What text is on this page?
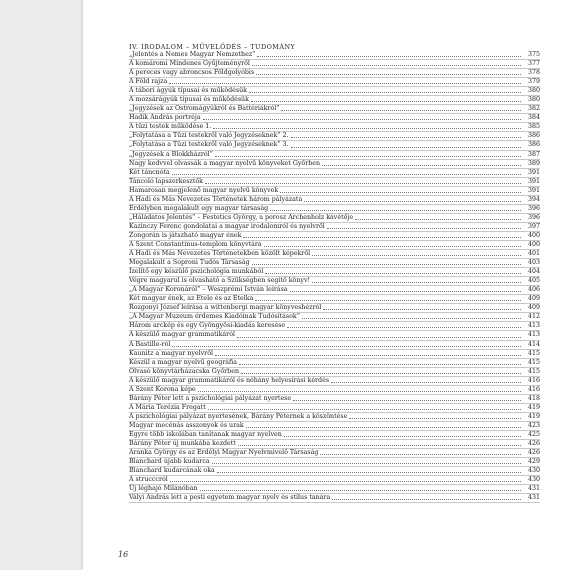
IV. IRODALOM – MŰVELŐDÉS – TUDOMÁNY
„Jelentés a Nemes Magyar Nemzethez”	375
A komáromi Mindenes Gyűjteményről	377
A pereces vagy abroncsos Földgolyóbis	378
A Föld rajza	379
A tábori ágyúk típusai és működésük	380
A mozsárágyúk típusai és működésük	380
„Jegyzések az Ostromágyúkról és Battériákról”	382
Hadik András portréja	384
A tüzi testek működése 1.	385
„Folytatása a Tüzi testekről való Jegyzéseknek” 2.	386
„Folytatása a Tüzi testekről való Jegyzéseknek” 3.	386
„Jegyzések a Blokkházról”	387
Nagy kedvvel olvassák a magyar nyelvű könyveket Győrben	389
Két táncnóta	391
Táncoló lapszerkesztők	391
Hamarosan megjelenő magyar nyelvű könyvek	391
A Hadi és Más Nevezetes Történetek három pályázata	394
Erdélyben megalakult egy magyar társaság	396
„Háládatos Jelentés” – Festetics György, a porosz Archenholz kávétője	396
Kazinczy Ferenc gondolatai a magyar irodalomról és nyelvről	397
Zongorán is játszható magyar ének	400
A Szent Constantinus-templom könyvtára	400
A Hadi és Más Nevezetes Történetekben közölt képekről	401
Megalakult a Soproni Tudós Társaság	403
Ízelítő egy készülő pszichológia munkából	404
Végre magyarul is olvasható a Szükségben segítő könyv!	405
„A Magyar Koronáról” – Weszprémi István leírása	406
Két magyar ének, az Etele és az Etelka	409
Rozgonyi József leírása a wittenbergi magyar könyveshézról	409
„A Magyar Muzeum érdemes Kiadóinak Tudósítások”	412
Három arckép és egy Gyöngyösi-kiadás keresése	413
A készülő magyar grammatikáról	413
A Bastille-ról	414
Kaunitz a magyar nyelvről	415
Készül a magyar nyelvű geográfia	415
Olvasó könyvtárházacska Győrben	415
A készülő magyar grammatikáról és néhány helyesírási kérdés	416
A Szent Korona képe	416
Bárány Péter lett a pszichológiai pályázat nyertese	418
A Mária Terézia Fregatt	419
A pszichológiai pályázat nyertesének, Bárány Péternek a köszöntése	419
Magyar mecénás asszonyok és urak	423
Egyre több iskolában tanítanak magyar nyelven	425
Bárány Péter új munkába kezdett	426
Aranka György és az Erdélyi Magyar Nyelvmivelő Társaság	426
Blanchard újabb kudarca	429
Blanchard kudarcának oka	430
A strucccról	430
Új léghajó Milánóban	431
Vályi András lett a pesti egyetem magyar nyelv és stílus tanára	431
16
